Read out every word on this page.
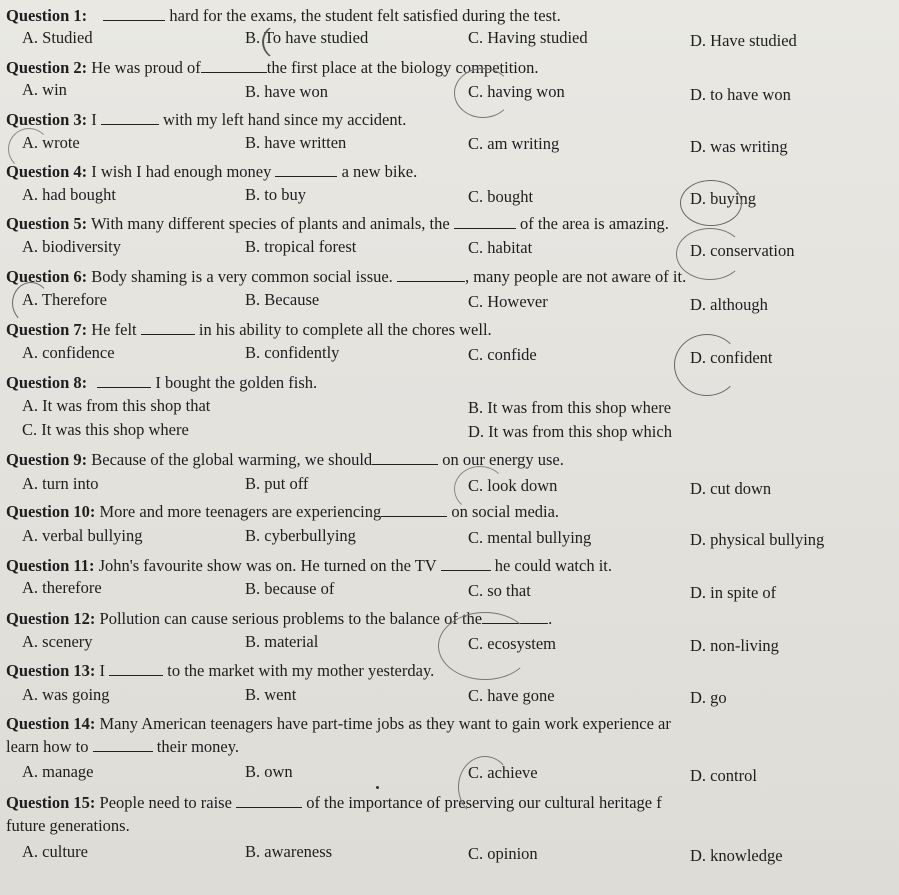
Question 1:	hard for the exams, the student felt satisfied during the test.
A. Studied	B. To have studied	C. Having studied	D. Have studied
Question 2: He was proud of	the first place at the biology competition.
A. win	B. have won	C. having won	D. to have won
Question 3: I	with my left hand since my accident.
A. wrote	B. have written	C. am writing	D. was writing
Question 4: I wish I had enough money	a new bike.
A. had bought	B. to buy	C. bought	D. buying
Question 5: With many different species of plants and animals, the	of the area is amazing.
A. biodiversity	B. tropical forest	C. habitat	D. conservation
Question 6: Body shaming is a very common social issue.	, many people are not aware of it.
A. Therefore	B. Because	C. However	D. although
Question 7: He felt	in his ability to complete all the chores well.
A. confidence	B. confidently	C. confide	D. confident
Question 8:	I bought the golden fish.
A. It was from this shop that	B. It was from this shop where
C. It was this shop where	D. It was from this shop which
Question 9: Because of the global warming, we should	on our energy use.
A. turn into	B. put off	C. look down	D. cut down
Question 10: More and more teenagers are experiencing	on social media.
A. verbal bullying	B. cyberbullying	C. mental bullying	D. physical bullying
Question 11: John's favourite show was on. He turned on the TV	he could watch it.
A. therefore	B. because of	C. so that	D. in spite of
Question 12: Pollution can cause serious problems to the balance of the	.
A. scenery	B. material	C. ecosystem	D. non-living
Question 13: I	to the market with my mother yesterday.
A. was going	B. went	C. have gone	D. go
Question 14: Many American teenagers have part-time jobs as they want to gain work experience ar
learn how to	their money.
A. manage	B. own	C. achieve	D. control
Question 15: People need to raise	of the importance of preserving our cultural heritage f
future generations.
A. culture	B. awareness	C. opinion	D. knowledge
